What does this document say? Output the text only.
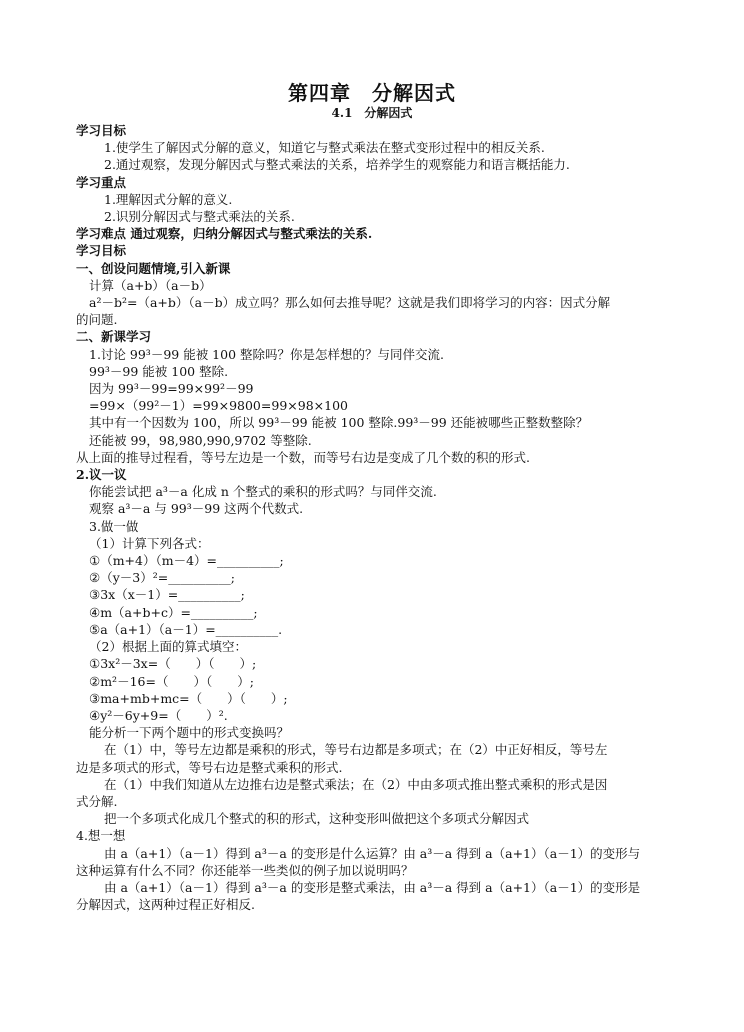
第四章　分解因式
4.1　分解因式
学习目标
1.使学生了解因式分解的意义，知道它与整式乘法在整式变形过程中的相反关系.
2.通过观察，发现分解因式与整式乘法的关系，培养学生的观察能力和语言概括能力.
学习重点
1.理解因式分解的意义.
2.识别分解因式与整式乘法的关系.
学习难点 通过观察，归纳分解因式与整式乘法的关系.
学习目标
一、创设问题情境,引入新课
计算（a+b）（a－b）
a²－b²=（a+b）（a－b）成立吗？那么如何去推导呢？这就是我们即将学习的内容：因式分解
的问题.
二、新课学习
1.讨论 99³－99 能被 100 整除吗？你是怎样想的？与同伴交流.
99³－99 能被 100 整除.
因为 99³－99=99×99²－99
=99×（99²－1）=99×9800=99×98×100
其中有一个因数为 100，所以 99³－99 能被 100 整除.99³－99 还能被哪些正整数整除？
还能被 99，98,980,990,9702 等整除.
从上面的推导过程看，等号左边是一个数，而等号右边是变成了几个数的积的形式.
2.议一议
你能尝试把 a³－a 化成 n 个整式的乘积的形式吗？与同伴交流.
观察 a³－a 与 99³－99 这两个代数式.
3.做一做
（1）计算下列各式：
①（m+4）（m－4）=__________;
②（y－3）²=__________;
③3x（x－1）=__________;
④m（a+b+c）=__________;
⑤a（a+1）（a－1）=__________.
（2）根据上面的算式填空：
①3x²－3x=（　　）（　　）;
②m²－16=（　　）（　　）;
③ma+mb+mc=（　　）（　　）;
④y²－6y+9=（　　）².
能分析一下两个题中的形式变换吗？
在（1）中，等号左边都是乘积的形式，等号右边都是多项式；在（2）中正好相反，等号左
边是多项式的形式，等号右边是整式乘积的形式.
在（1）中我们知道从左边推右边是整式乘法；在（2）中由多项式推出整式乘积的形式是因
式分解.
把一个多项式化成几个整式的积的形式，这种变形叫做把这个多项式分解因式
4.想一想
由 a（a+1）（a－1）得到 a³－a 的变形是什么运算？由 a³－a 得到 a（a+1）（a－1）的变形与
这种运算有什么不同？你还能举一些类似的例子加以说明吗？
由 a（a+1）（a－1）得到 a³－a 的变形是整式乘法，由 a³－a 得到 a（a+1）（a－1）的变形是
分解因式，这两种过程正好相反.
